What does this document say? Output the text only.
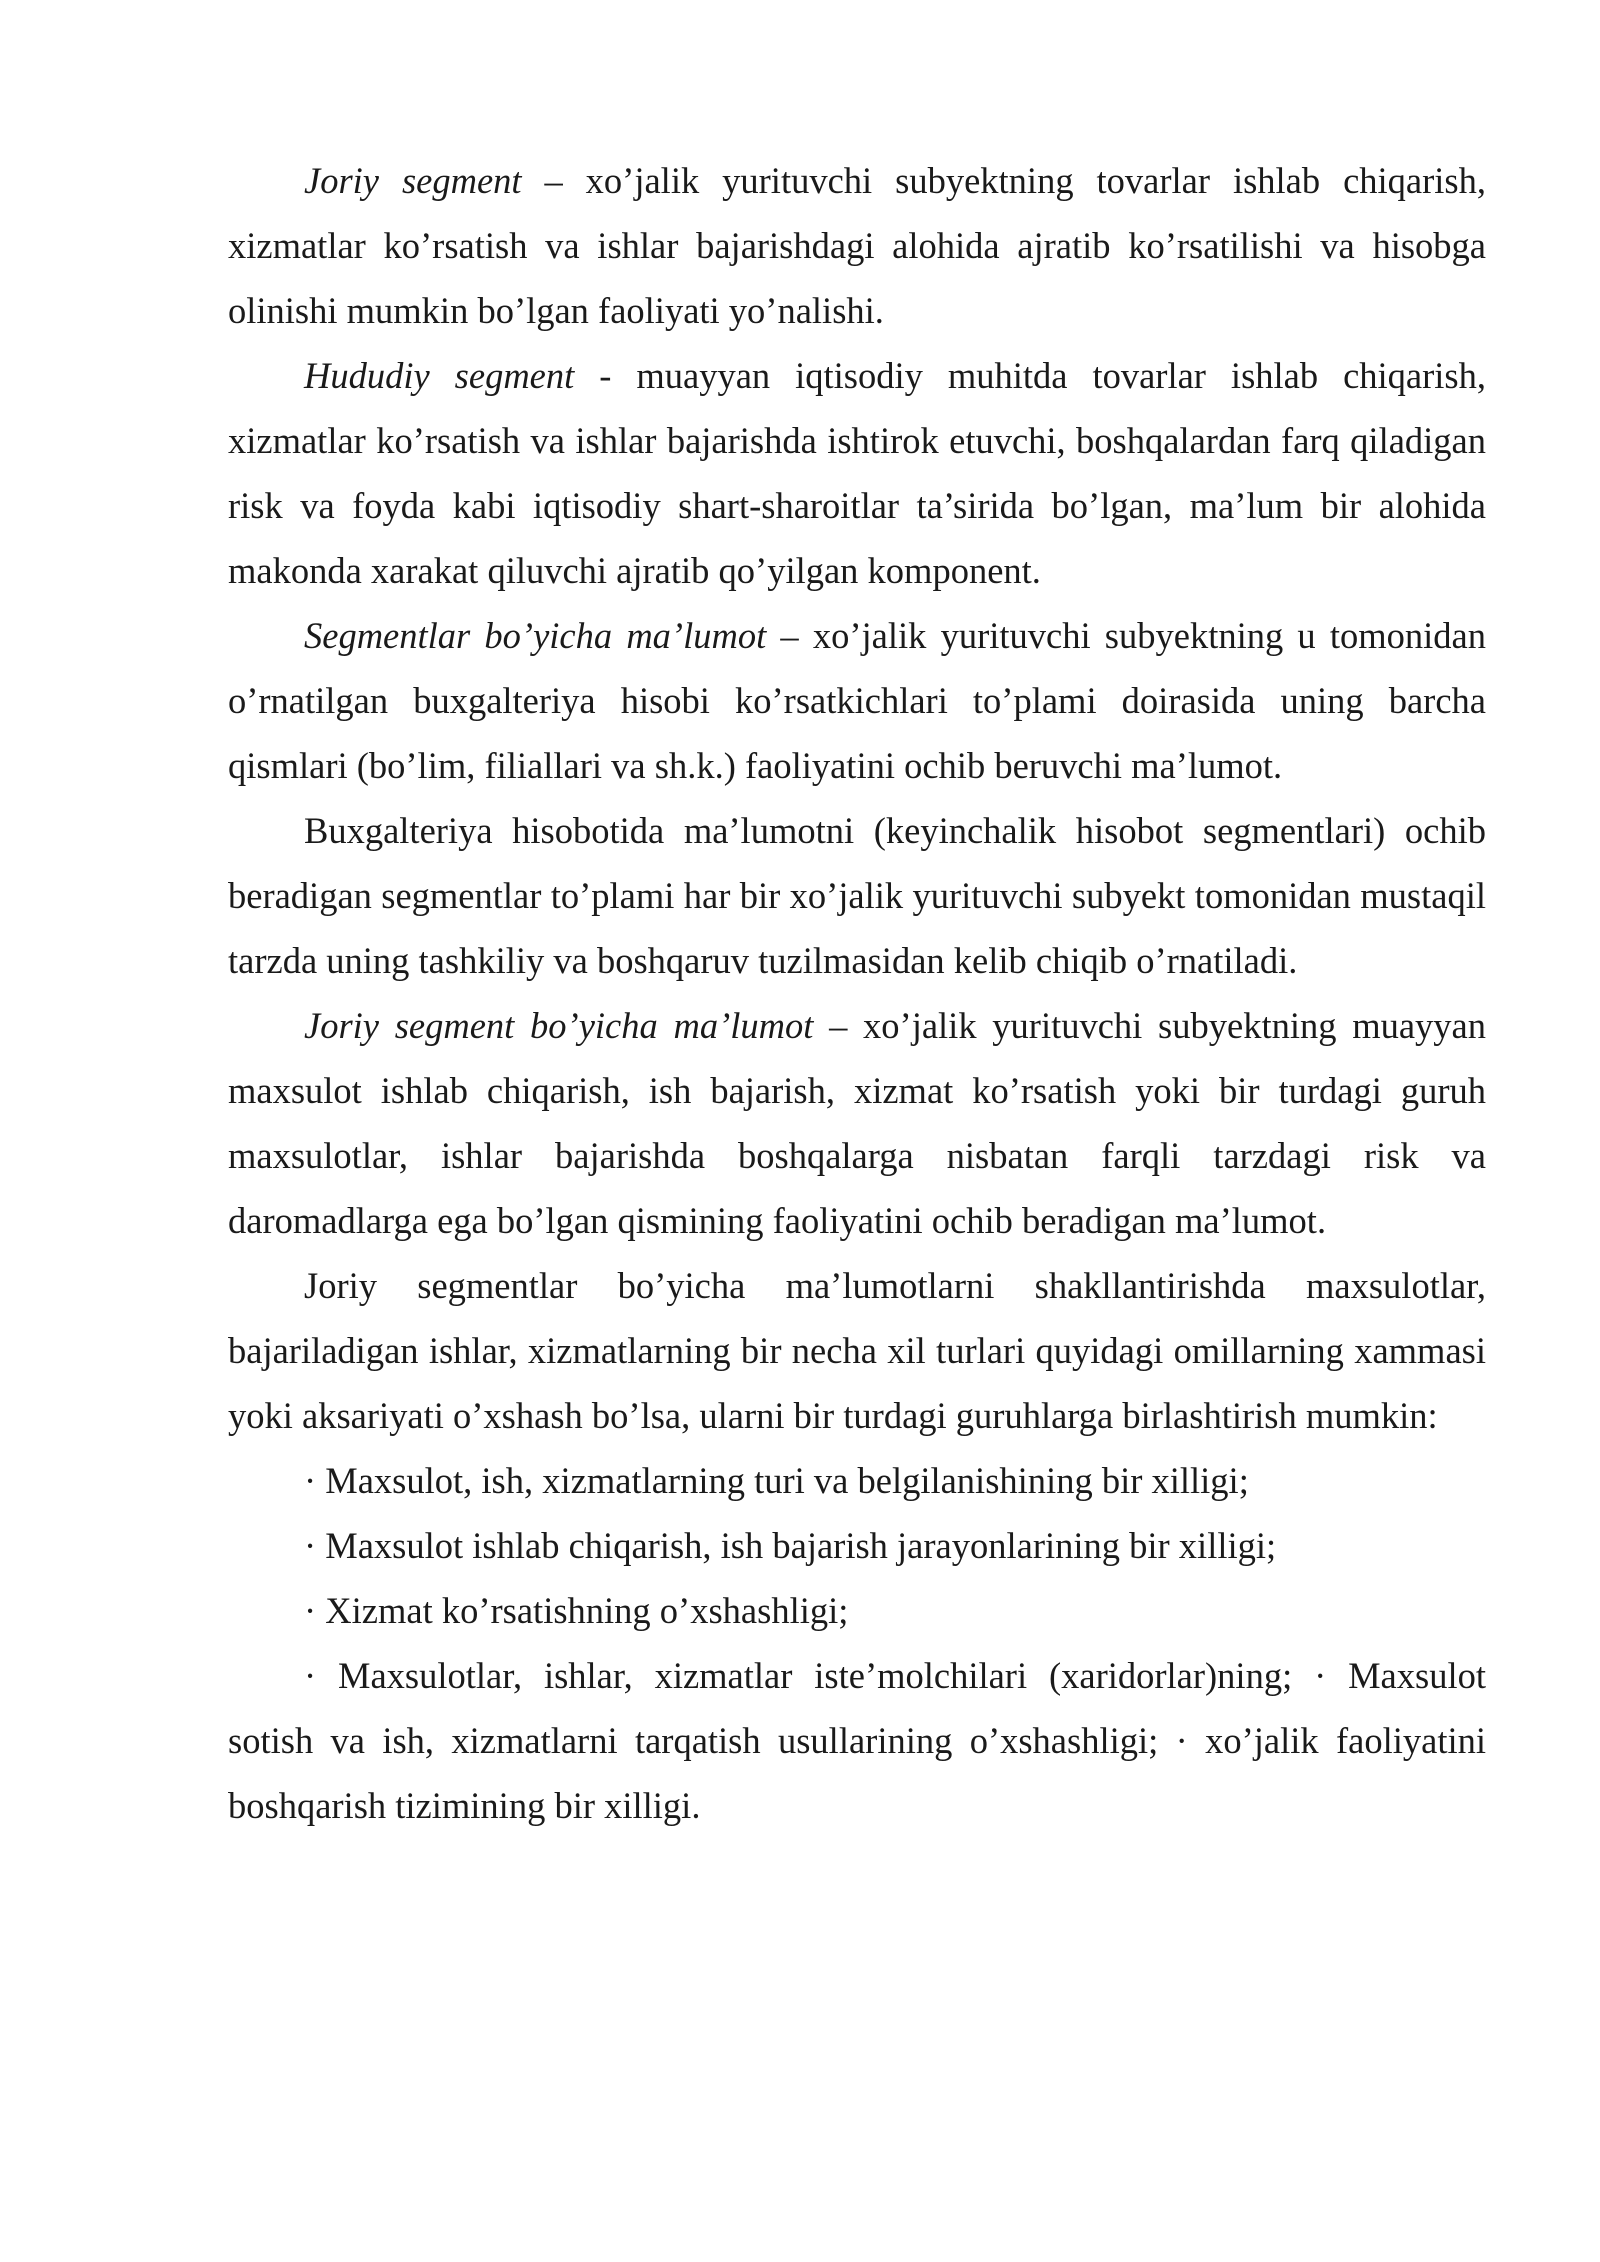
Joriy segment – xo’jalik yurituvchi subyektning tovarlar ishlab chiqarish, xizmatlar ko’rsatish va ishlar bajarishdagi alohida ajratib ko’rsatilishi va hisobga olinishi mumkin bo’lgan faoliyati yo’nalishi.

Hududiy segment - muayyan iqtisodiy muhitda tovarlar ishlab chiqarish, xizmatlar ko’rsatish va ishlar bajarishda ishtirok etuvchi, boshqalardan farq qiladigan risk va foyda kabi iqtisodiy shart-sharoitlar ta’sirida bo’lgan, ma’lum bir alohida makonda xarakat qiluvchi ajratib qo’yilgan komponent.

Segmentlar bo’yicha ma’lumot – xo’jalik yurituvchi subyektning u tomonidan o’rnatilgan buxgalteriya hisobi ko’rsatkichlari to’plami doirasida uning barcha qismlari (bo’lim, filiallari va sh.k.) faoliyatini ochib beruvchi ma’lumot.

Buxgalteriya hisobotida ma’lumotni (keyinchalik hisobot segmentlari) ochib beradigan segmentlar to’plami har bir xo’jalik yurituvchi subyekt tomonidan mustaqil tarzda uning tashkiliy va boshqaruv tuzilmasidan kelib chiqib o’rnatiladi.

Joriy segment bo’yicha ma’lumot – xo’jalik yurituvchi subyektning muayyan maxsulot ishlab chiqarish, ish bajarish, xizmat ko’rsatish yoki bir turdagi guruh maxsulotlar, ishlar bajarishda boshqalarga nisbatan farqli tarzdagi risk va daromadlarga ega bo’lgan qismining faoliyatini ochib beradigan ma’lumot.

Joriy segmentlar bo’yicha ma’lumotlarni shakllantirishda maxsulotlar, bajariladigan ishlar, xizmatlarning bir necha xil turlari quyidagi omillarning xammasi yoki aksariyati o’xshash bo’lsa, ularni bir turdagi guruhlarga birlashtirish mumkin:

· Maxsulot, ish, xizmatlarning turi va belgilanishining bir xilligi;

· Maxsulot ishlab chiqarish, ish bajarish jarayonlarining bir xilligi;

· Xizmat ko’rsatishning o’xshashligi;

· Maxsulotlar, ishlar, xizmatlar iste’molchilari (xaridorlar)ning; · Maxsulot sotish va ish, xizmatlarni tarqatish usullarining o’xshashligi; · xo’jalik faoliyatini boshqarish tizimining bir xilligi.
